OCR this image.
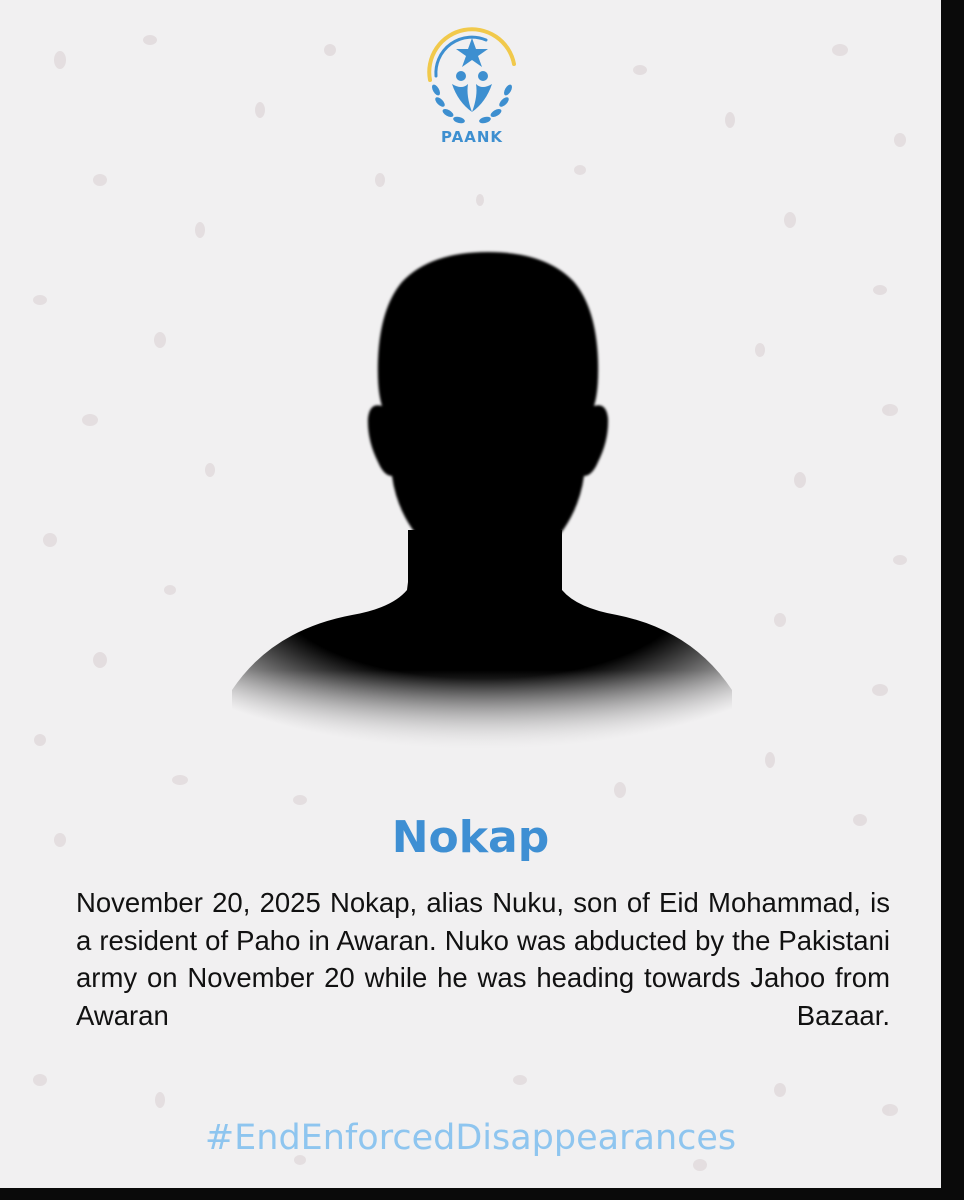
PAANK
Nokap
November 20, 2025 Nokap, alias Nuku, son of Eid Mohammad, is a resident of Paho in Awaran. Nuko was abducted by the Pakistani army on November 20 while he was heading towards Jahoo from Awaran Bazaar.
#EndEnforcedDisappearances
